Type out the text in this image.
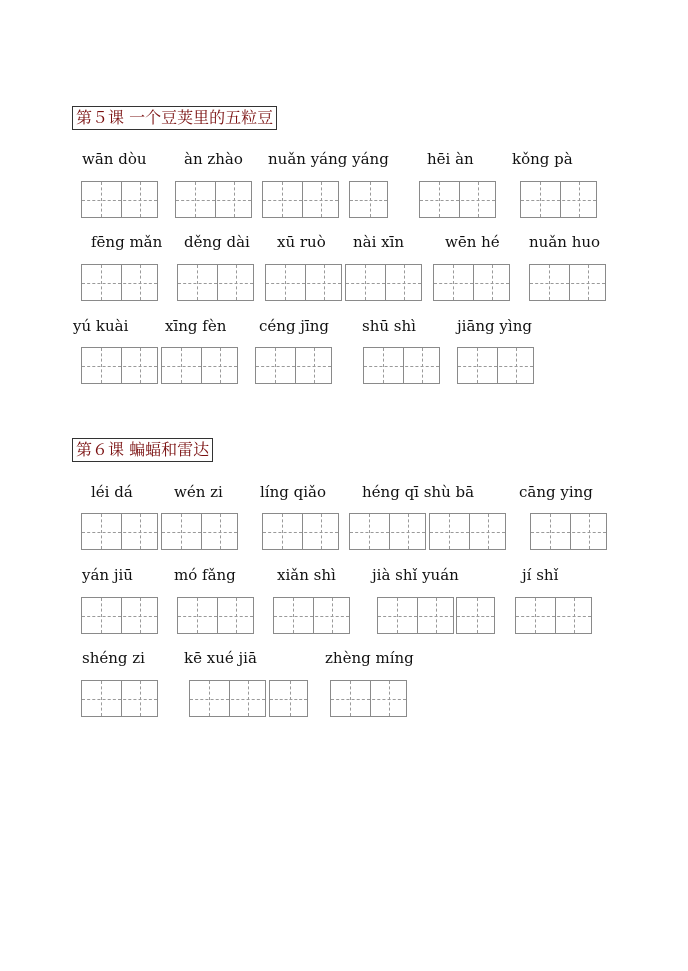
第５课 一个豆荚里的五粒豆
wān dòu àn zhào nuǎn yáng yáng	hēi àn	kǒng pà
fēng mǎn děng dài xū ruò nài xīn	wēn hé nuǎn huo
yú kuài xīng fèn céng jīng shū shì	jiāng yìng
第６课 蝙蝠和雷达
léi dá	wén zi líng qiǎo héng qī shù bā	cāng ying
yán jiū	mó fǎng	xiǎn shì jià shǐ yuán	jí shǐ
shéng zi	kē xué jiā	zhèng míng
